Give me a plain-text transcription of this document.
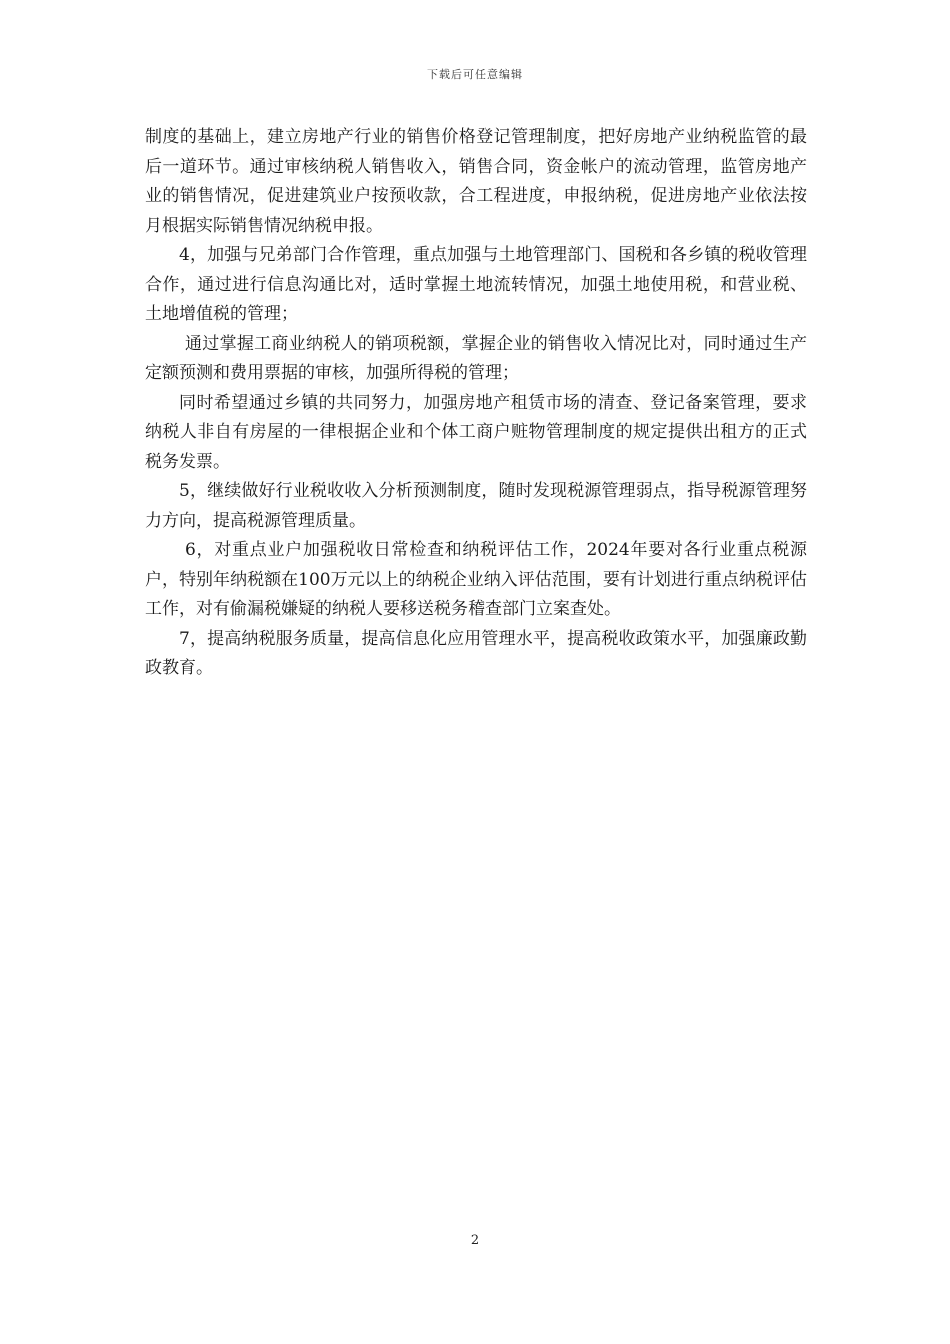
下载后可任意编辑

制度的基础上，建立房地产行业的销售价格登记管理制度，把好房地产业纳税监管的最后一道环节。通过审核纳税人销售收入，销售合同，资金帐户的流动管理，监管房地产业的销售情况，促进建筑业户按预收款，合工程进度，申报纳税，促进房地产业依法按月根据实际销售情况纳税申报。

4，加强与兄弟部门合作管理，重点加强与土地管理部门、国税和各乡镇的税收管理合作，通过进行信息沟通比对，适时掌握土地流转情况，加强土地使用税，和营业税、土地增值税的管理；

通过掌握工商业纳税人的销项税额，掌握企业的销售收入情况比对，同时通过生产定额预测和费用票据的审核，加强所得税的管理；

同时希望通过乡镇的共同努力，加强房地产租赁市场的清查、登记备案管理，要求纳税人非自有房屋的一律根据企业和个体工商户赃物管理制度的规定提供出租方的正式税务发票。

5，继续做好行业税收收入分析预测制度，随时发现税源管理弱点，指导税源管理努力方向，提高税源管理质量。

6，对重点业户加强税收日常检查和纳税评估工作，2024年要对各行业重点税源户，特别年纳税额在100万元以上的纳税企业纳入评估范围，要有计划进行重点纳税评估工作，对有偷漏税嫌疑的纳税人要移送税务稽查部门立案查处。

7，提高纳税服务质量，提高信息化应用管理水平，提高税收政策水平，加强廉政勤政教育。

2
